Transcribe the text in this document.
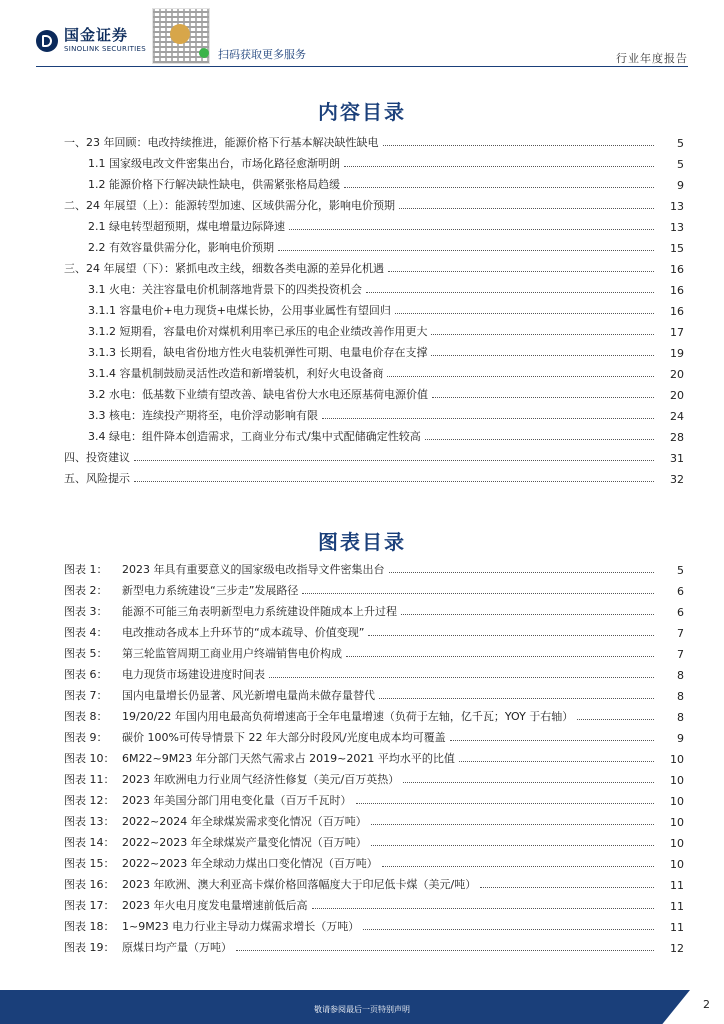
国金证券
SINOLINK SECURITIES	扫码获取更多服务	行业年度报告
内容目录
一、23 年回顾：电改持续推进，能源价格下行基本解决缺性缺电	5
1.1 国家级电改文件密集出台，市场化路径愈渐明朗	5
1.2 能源价格下行解决缺性缺电，供需紧张格局趋缓	9
二、24 年展望（上）：能源转型加速、区域供需分化，影响电价预期	13
2.1 绿电转型超预期，煤电增量边际降速	13
2.2 有效容量供需分化，影响电价预期	15
三、24 年展望（下）：紧抓电改主线，细数各类电源的差异化机遇	16
3.1 火电：关注容量电价机制落地背景下的四类投资机会	16
3.1.1 容量电价+电力现货+电煤长协，公用事业属性有望回归	16
3.1.2 短期看，容量电价对煤机利用率已承压的电企业绩改善作用更大	17
3.1.3 长期看，缺电省份地方性火电装机弹性可期、电量电价存在支撑	19
3.1.4 容量机制鼓励灵活性改造和新增装机，利好火电设备商	20
3.2 水电：低基数下业绩有望改善、缺电省份大水电还原基荷电源价值	20
3.3 核电：连续投产期将至，电价浮动影响有限	24
3.4 绿电：组件降本创造需求，工商业分布式/集中式配储确定性较高	28
四、投资建议	31
五、风险提示	32
图表目录
图表 1： 2023 年具有重要意义的国家级电改指导文件密集出台	5
图表 2： 新型电力系统建设“三步走”发展路径	6
图表 3： 能源不可能三角表明新型电力系统建设伴随成本上升过程	6
图表 4： 电改推动各成本上升环节的“成本疏导、价值变现”	7
图表 5： 第三轮监管周期工商业用户终端销售电价构成	7
图表 6： 电力现货市场建设进度时间表	8
图表 7： 国内电量增长仍显著、风光新增电量尚未做存量替代	8
图表 8： 19/20/22 年国内用电最高负荷增速高于全年电量增速（负荷于左轴，亿千瓦；YOY 于右轴）	8
图表 9： 碳价 100%可传导情景下 22 年大部分时段风/光度电成本均可覆盖	9
图表 10： 6M22~9M23 年分部门天然气需求占 2019~2021 平均水平的比值	10
图表 11： 2023 年欧洲电力行业周气经济性修复（美元/百万英热）	10
图表 12： 2023 年美国分部门用电变化量（百万千瓦时）	10
图表 13： 2022~2024 年全球煤炭需求变化情况（百万吨）	10
图表 14： 2022~2023 年全球煤炭产量变化情况（百万吨）	10
图表 15： 2022~2023 年全球动力煤出口变化情况（百万吨）	10
图表 16： 2023 年欧洲、澳大利亚高卡煤价格回落幅度大于印尼低卡煤（美元/吨）	11
图表 17： 2023 年火电月度发电量增速前低后高	11
图表 18： 1~9M23 电力行业主导动力煤需求增长（万吨）	11
图表 19： 原煤日均产量（万吨）	12
敬请参阅最后一页特别声明	2
